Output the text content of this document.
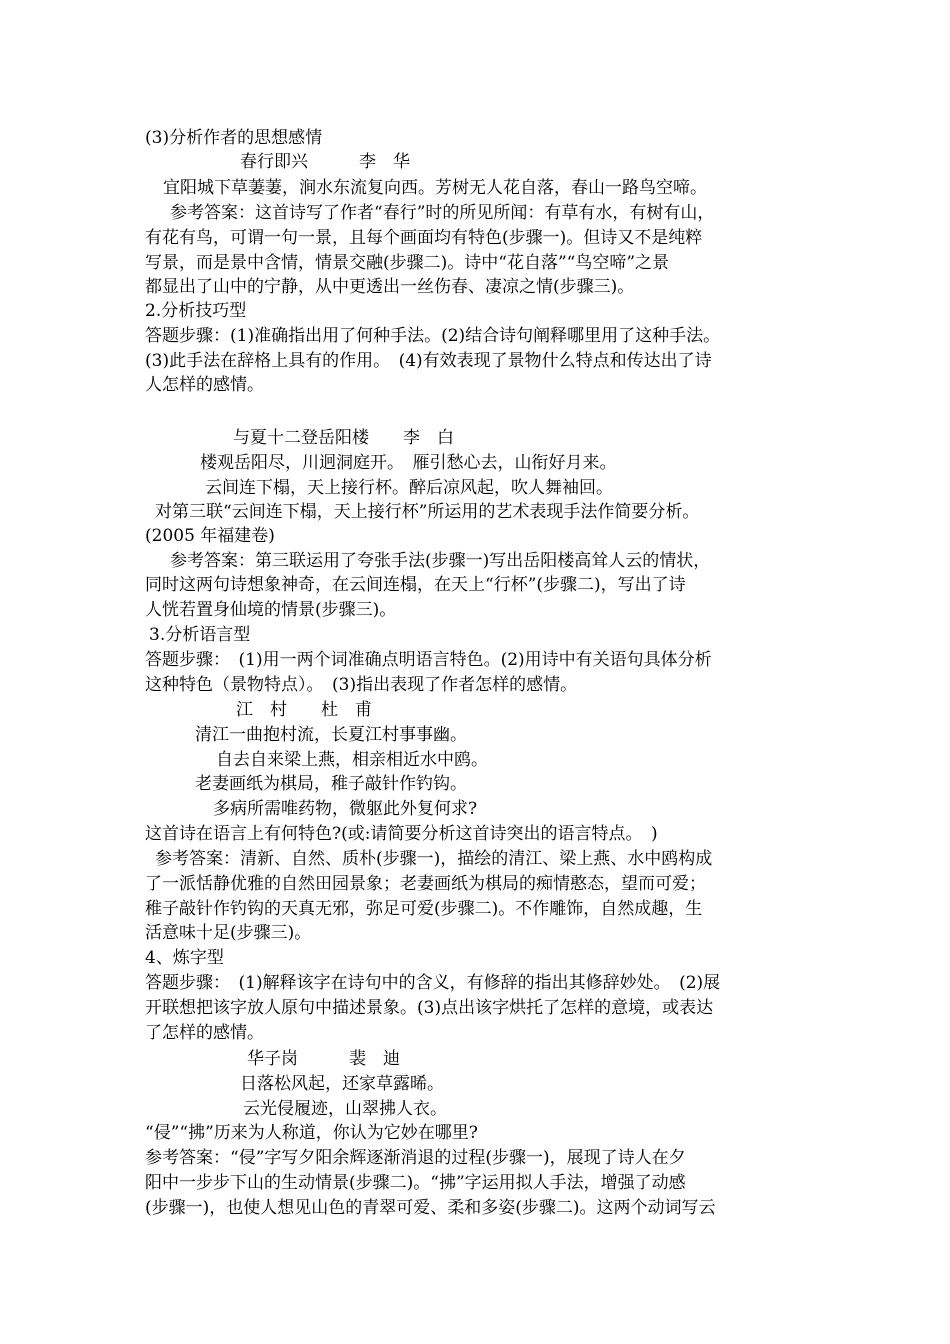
(3)分析作者的思想感情
春行即兴　　　李　华
宜阳城下草萋萋，涧水东流复向西。芳树无人花自落，春山一路鸟空啼。
参考答案：这首诗写了作者“春行”时的所见所闻：有草有水，有树有山，
有花有鸟，可谓一句一景，且每个画面均有特色(步骤一)。但诗又不是纯粹
写景，而是景中含情，情景交融(步骤二)。诗中“花自落”“鸟空啼”之景
都显出了山中的宁静，从中更透出一丝伤春、凄凉之情(步骤三)。
2.分析技巧型
答题步骤：(1)准确指出用了何种手法。(2)结合诗句阐释哪里用了这种手法。
(3)此手法在辞格上具有的作用。　(4)有效表现了景物什么特点和传达出了诗
人怎样的感情。
与夏十二登岳阳楼　　李　白
楼观岳阳尽，川迥洞庭开。　雁引愁心去，山衔好月来。
云间连下榻，天上接行杯。醉后凉风起，吹人舞袖回。
对第三联“云间连下榻，天上接行杯”所运用的艺术表现手法作简要分析。
(2005 年福建卷)
参考答案：第三联运用了夸张手法(步骤一)写出岳阳楼高耸人云的情状，
同时这两句诗想象神奇，在云间连榻，在天上“行杯”(步骤二)，写出了诗
人恍若置身仙境的情景(步骤三)。
3.分析语言型
答题步骤：　(1)用一两个词准确点明语言特色。(2)用诗中有关语句具体分析
这种特色（景物特点）。　(3)指出表现了作者怎样的感情。
江　村　　杜　甫
清江一曲抱村流，长夏江村事事幽。
自去自来梁上燕，相亲相近水中鸥。
老妻画纸为棋局，稚子敲针作钓钩。
多病所需唯药物，微躯此外复何求?
这首诗在语言上有何特色?(或:请简要分析这首诗突出的语言特点。　)
参考答案：清新、自然、质朴(步骤一)，描绘的清江、梁上燕、水中鸥构成
了一派恬静优雅的自然田园景象；老妻画纸为棋局的痴情憨态，望而可爱；
稚子敲针作钓钩的天真无邪，弥足可爱(步骤二)。不作雕饰，自然成趣，生
活意味十足(步骤三)。
4、炼字型
答题步骤：　(1)解释该字在诗句中的含义，有修辞的指出其修辞妙处。　(2)展
开联想把该字放人原句中描述景象。(3)点出该字烘托了怎样的意境，或表达
了怎样的感情。
华子岗　　　裴　迪
日落松风起，还家草露晞。
云光侵履迹，山翠拂人衣。
“侵”“拂”历来为人称道，你认为它妙在哪里?
参考答案：“侵”字写夕阳余辉逐渐消退的过程(步骤一)，展现了诗人在夕
阳中一步步下山的生动情景(步骤二)。“拂”字运用拟人手法，增强了动感
(步骤一)，也使人想见山色的青翠可爱、柔和多姿(步骤二)。这两个动词写云
